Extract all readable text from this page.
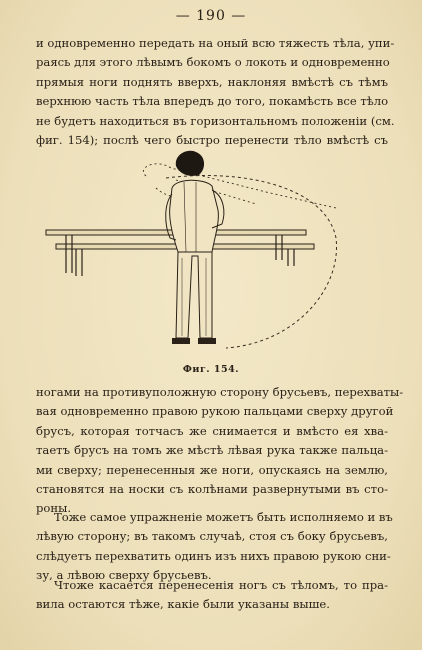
— 190 —
и одновременно передать на оный всю тяжесть тѣла, упи-
раясь для этого лѣвымъ бокомъ о локоть и одновременно
прямыя ноги поднять вверхъ, наклоняя вмѣстѣ съ тѣмъ
верхнюю часть тѣла впередъ до того, покамѣсть все тѣло
не будетъ находиться въ горизонтальномъ положеніи (см.
фиг. 154); послѣ чего быстро перенести тѣло вмѣстѣ съ
Фиг. 154.
ногами на противуположную сторону брусьевъ, перехваты-
вая одновременно правою рукою пальцами сверху другой
брусъ, которая тотчасъ же снимается и вмѣсто ея хва-
таетъ брусъ на томъ же мѣстѣ лѣвая рука также пальца-
ми сверху; перенесенныя же ноги, опускаясь на землю,
становятся на носки съ колѣнами развернутыми въ сто-
роны.
Тоже самое упражненіе можетъ быть исполняемо и въ
лѣвую сторону; въ такомъ случаѣ, стоя съ боку брусьевъ,
слѣдуетъ перехватить одинъ изъ нихъ правою рукою сни-
зу, а лѣвою сверху брусьевъ.
Чтоже касается перенесенія ногъ съ тѣломъ, то пра-
вила остаются тѣже, какіе были указаны выше.
